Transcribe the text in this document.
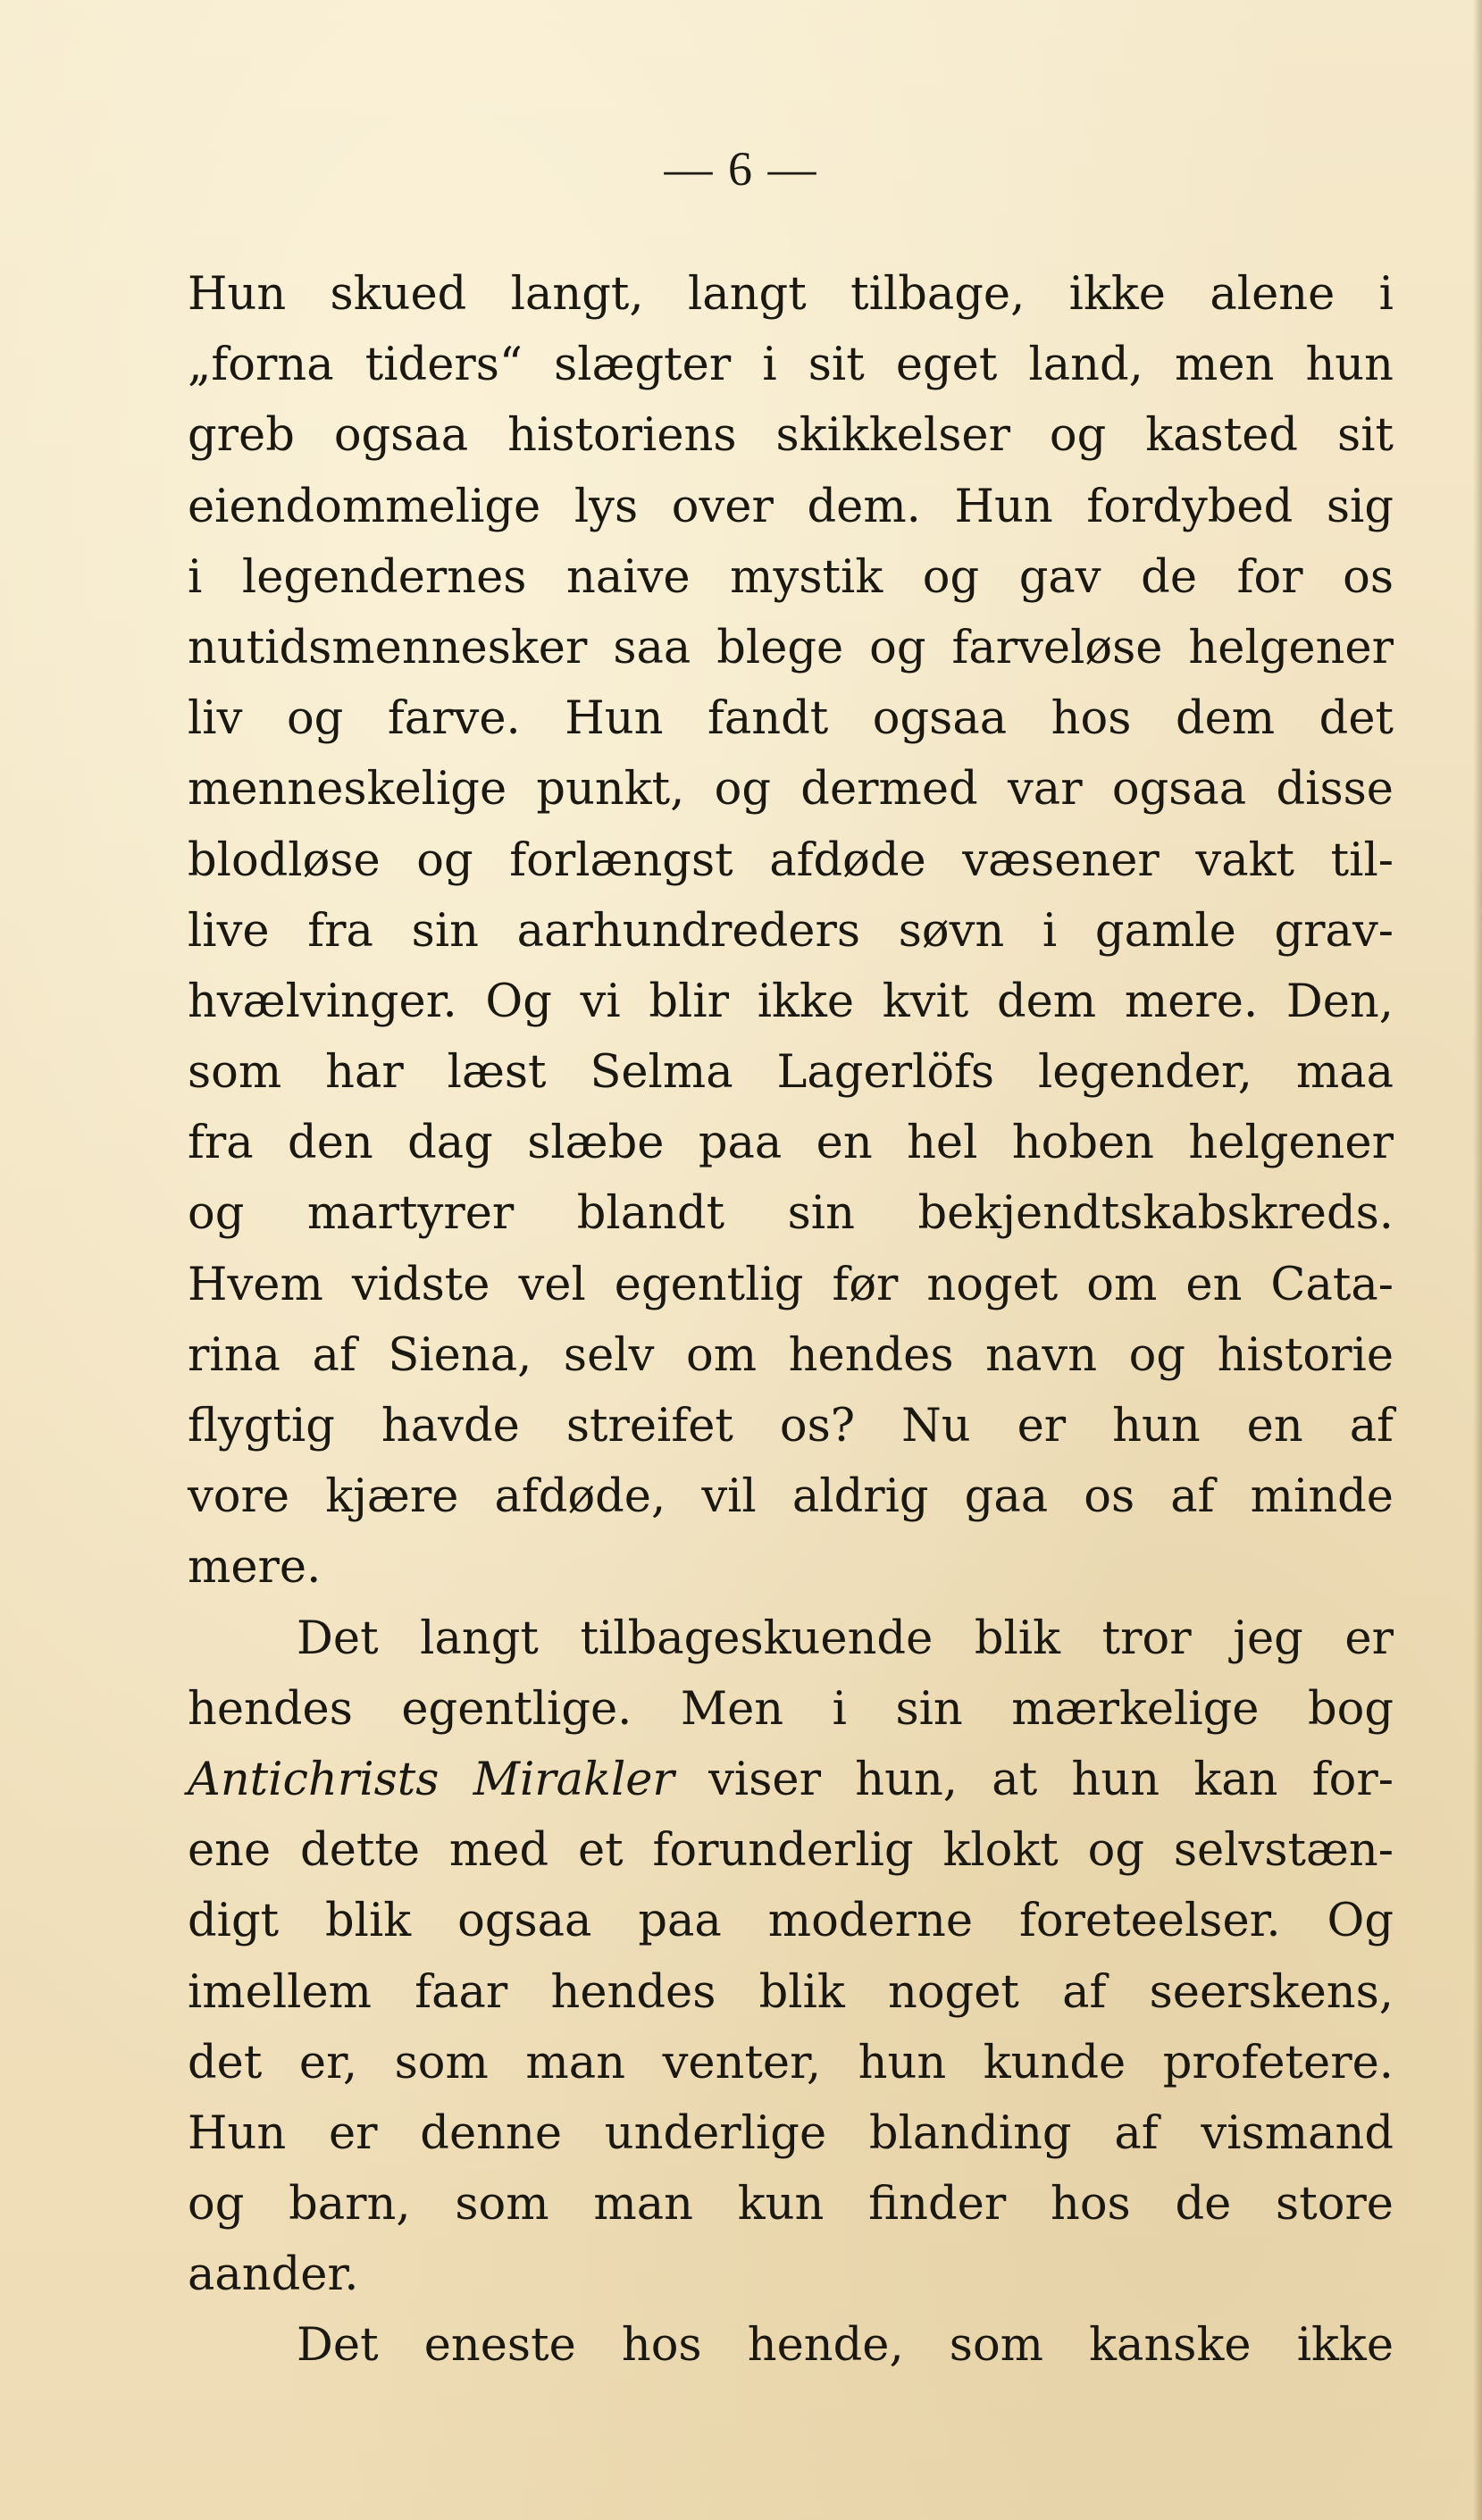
— 6 —
Hun skued langt, langt tilbage, ikke alene i
„forna tiders“ slægter i sit eget land, men hun
greb ogsaa historiens skikkelser og kasted sit
eiendommelige lys over dem. Hun fordybed sig
i legendernes naive mystik og gav de for os
nutidsmennesker saa blege og farveløse helgener
liv og farve. Hun fandt ogsaa hos dem det
menneskelige punkt, og dermed var ogsaa disse
blodløse og forlængst afdøde væsener vakt til-
live fra sin aarhundreders søvn i gamle grav-
hvælvinger. Og vi blir ikke kvit dem mere. Den,
som har læst Selma Lagerlöfs legender, maa
fra den dag slæbe paa en hel hoben helgener
og martyrer blandt sin bekjendtskabskreds.
Hvem vidste vel egentlig før noget om en Cata-
rina af Siena, selv om hendes navn og historie
flygtig havde streifet os? Nu er hun en af
vore kjære afdøde, vil aldrig gaa os af minde
mere.
Det langt tilbageskuende blik tror jeg er
hendes egentlige. Men i sin mærkelige bog
Antichrists Mirakler viser hun, at hun kan for-
ene dette med et forunderlig klokt og selvstæn-
digt blik ogsaa paa moderne foreteelser. Og
imellem faar hendes blik noget af seerskens,
det er, som man venter, hun kunde profetere.
Hun er denne underlige blanding af vismand
og barn, som man kun finder hos de store
aander.
Det eneste hos hende, som kanske ikke
